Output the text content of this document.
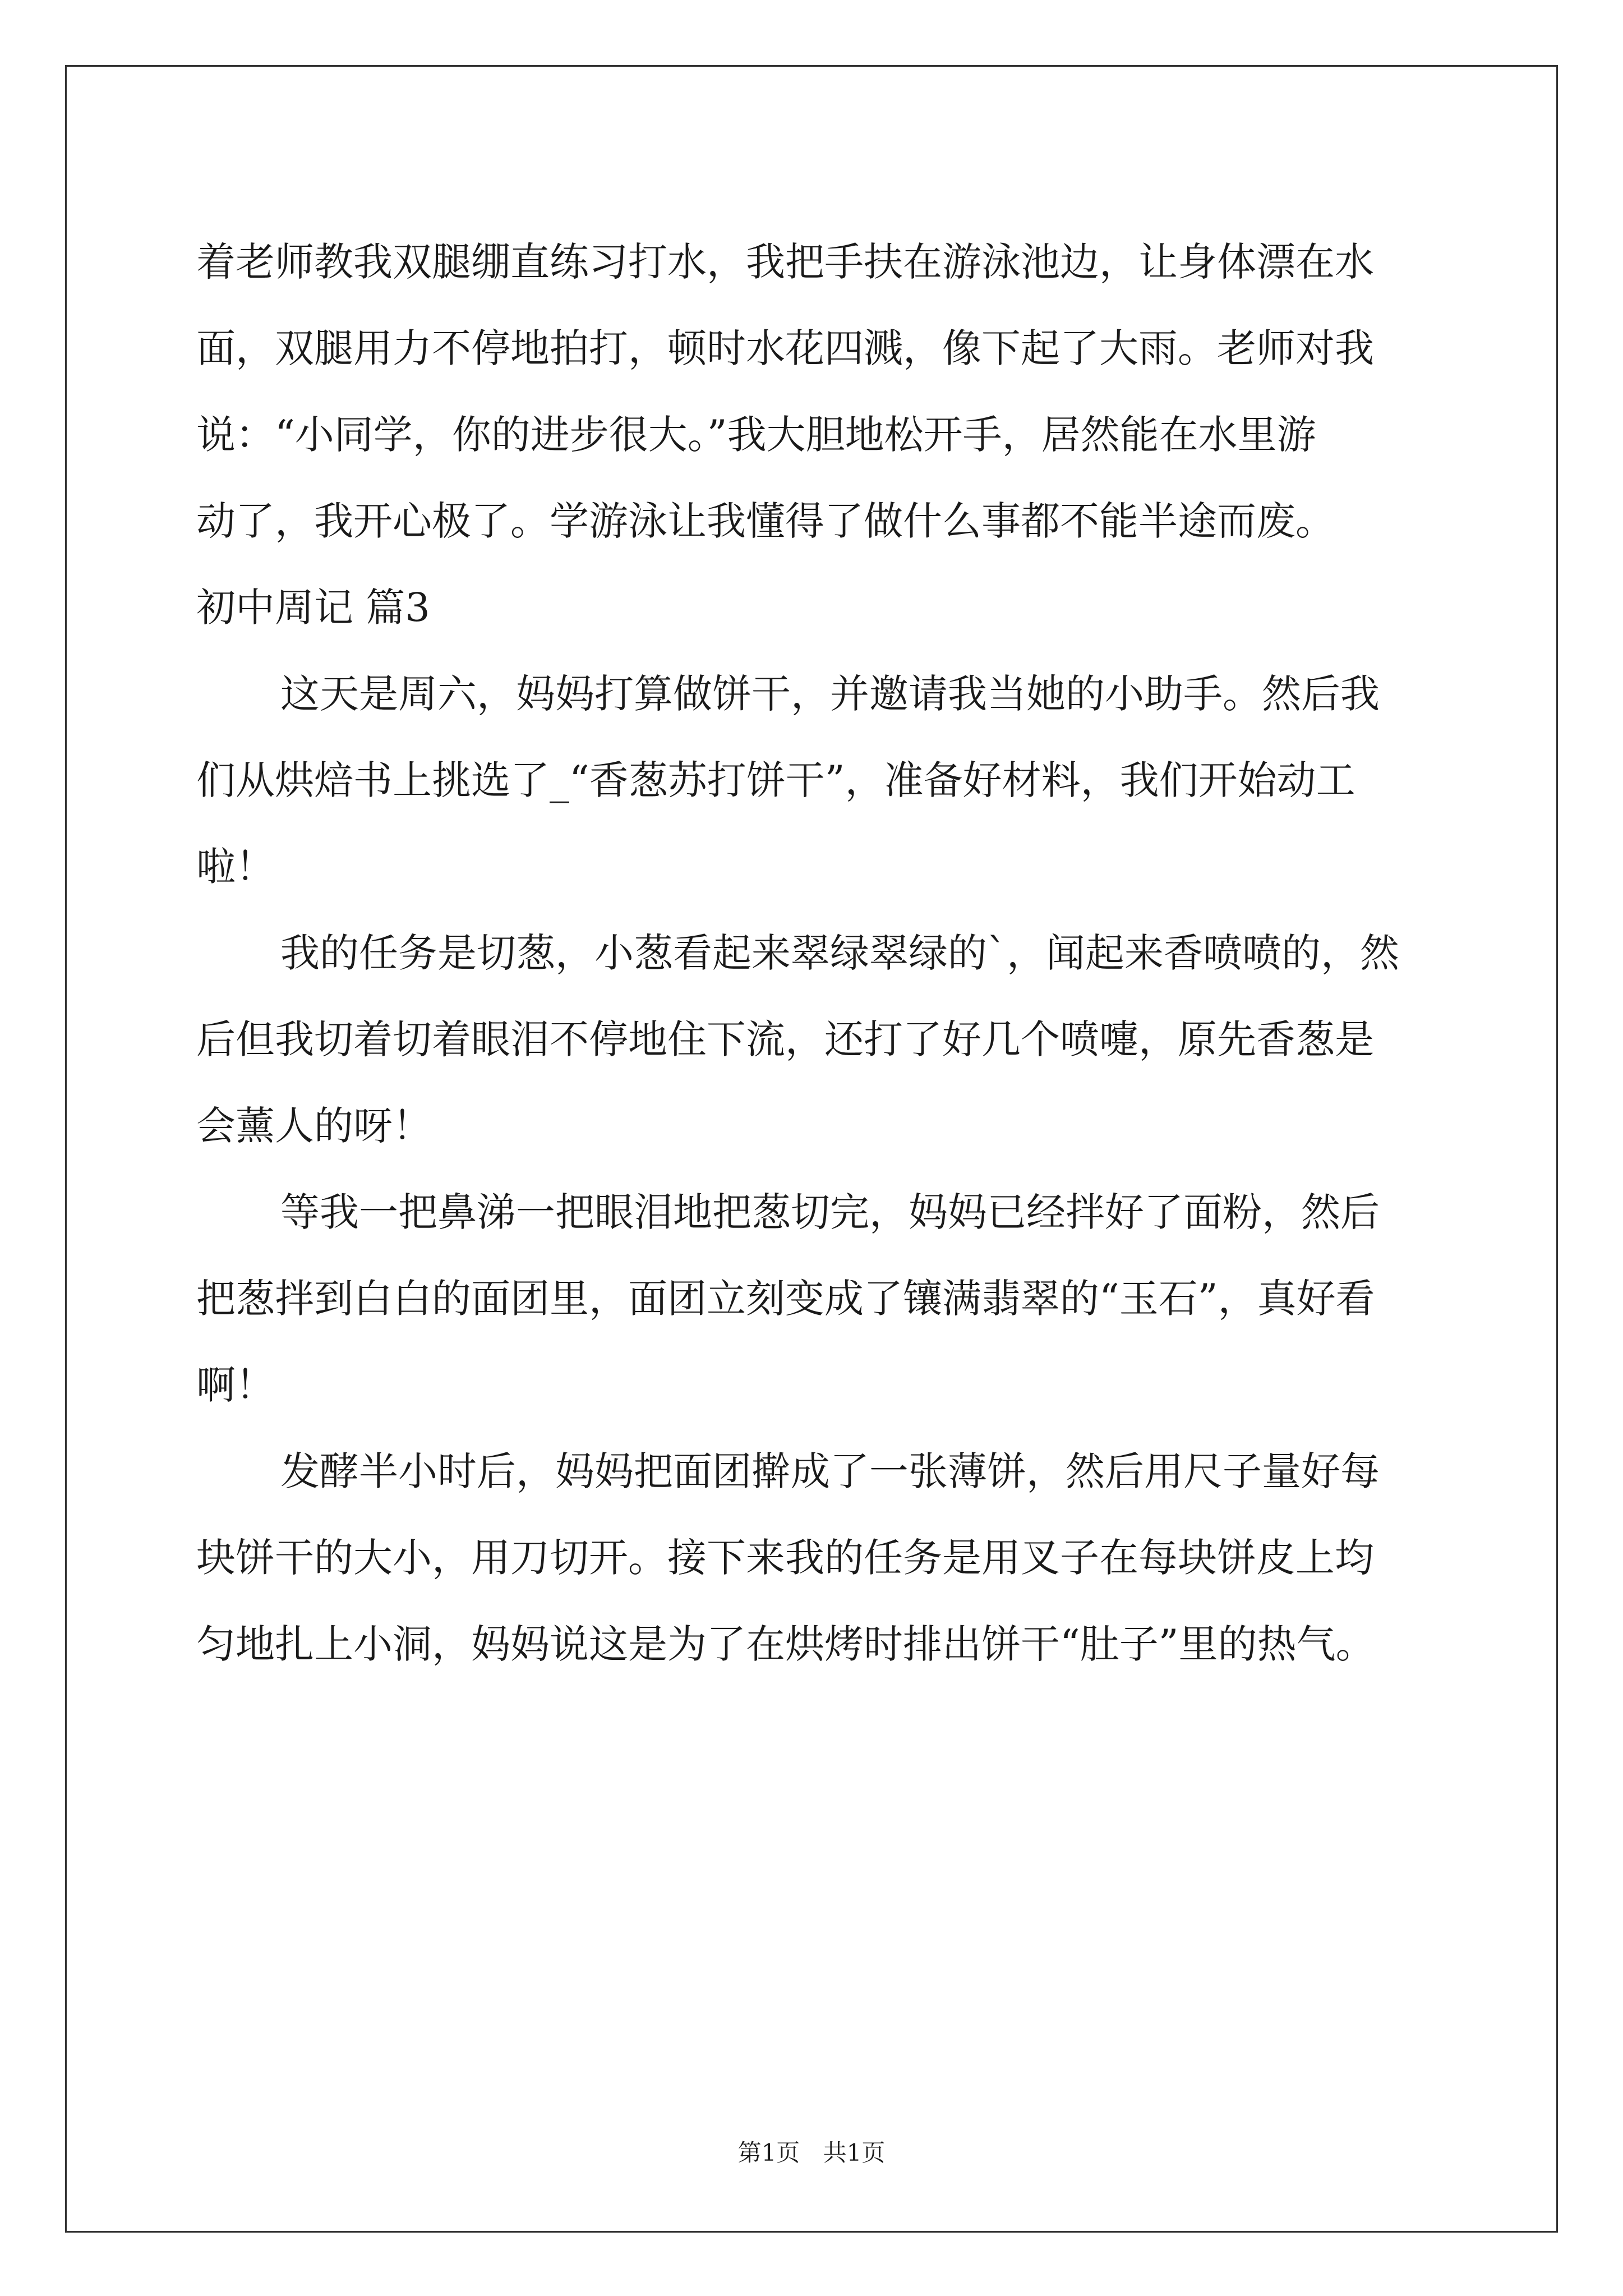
着老师教我双腿绷直练习打水，我把手扶在游泳池边，让身体漂在水
面，双腿用力不停地拍打，顿时水花四溅，像下起了大雨。老师对我
说：“小同学，你的进步很大。”我大胆地松开手，居然能在水里游
动了，我开心极了。学游泳让我懂得了做什么事都不能半途而废。
初中周记 篇3
这天是周六，妈妈打算做饼干，并邀请我当她的小助手。然后我
们从烘焙书上挑选了_“香葱苏打饼干”，准备好材料，我们开始动工
啦！
我的任务是切葱，小葱看起来翠绿翠绿的`，闻起来香喷喷的，然
后但我切着切着眼泪不停地住下流，还打了好几个喷嚏，原先香葱是
会薰人的呀！
等我一把鼻涕一把眼泪地把葱切完，妈妈已经拌好了面粉，然后
把葱拌到白白的面团里，面团立刻变成了镶满翡翠的“玉石”，真好看
啊！
发酵半小时后，妈妈把面团擀成了一张薄饼，然后用尺子量好每
块饼干的大小，用刀切开。接下来我的任务是用叉子在每块饼皮上均
匀地扎上小洞，妈妈说这是为了在烘烤时排出饼干“肚子”里的热气。
第1页 共1页
